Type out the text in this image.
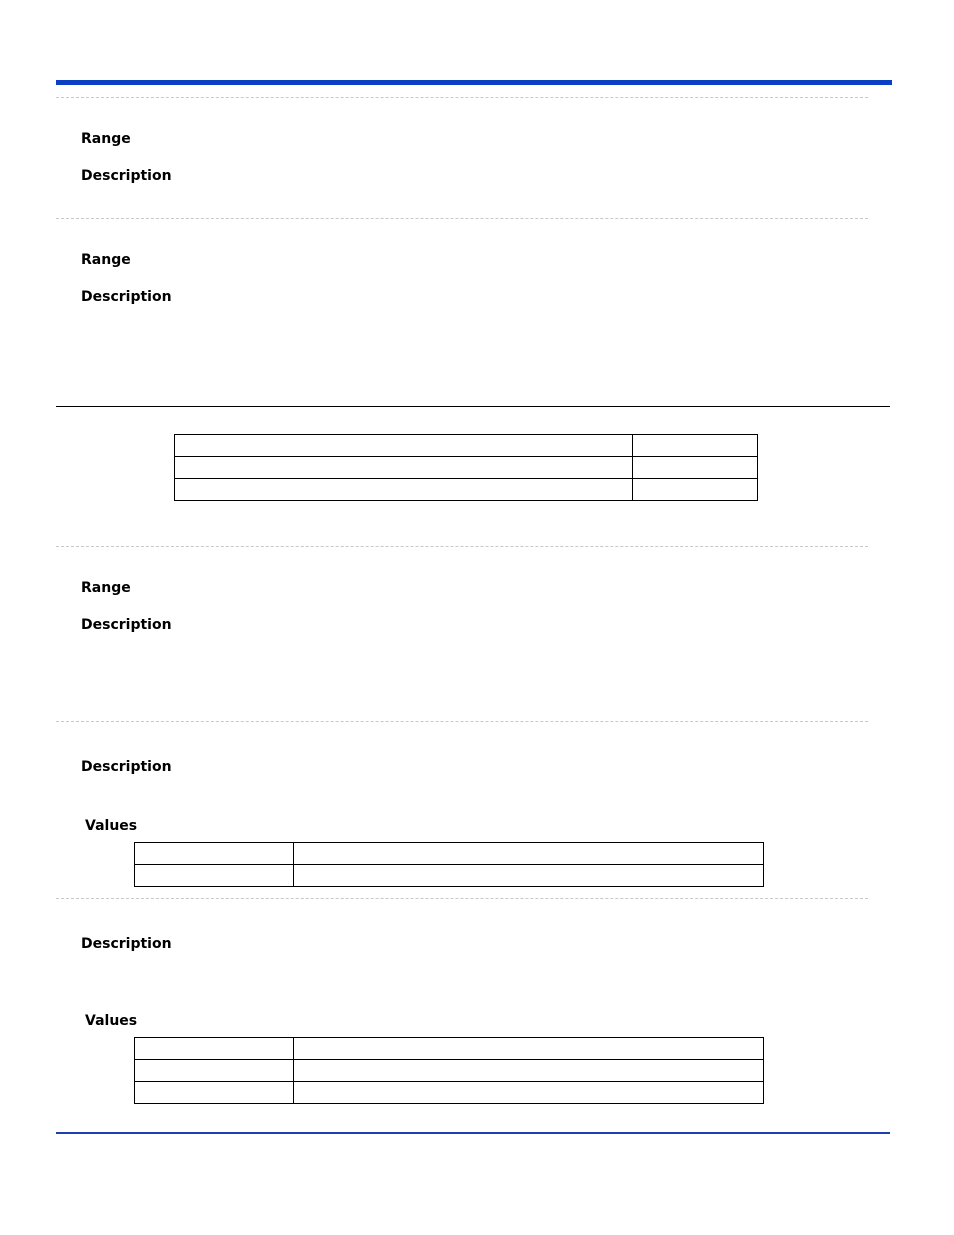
Range
Description
Range
Description

Range
Description
Description
Values

Description
Values
